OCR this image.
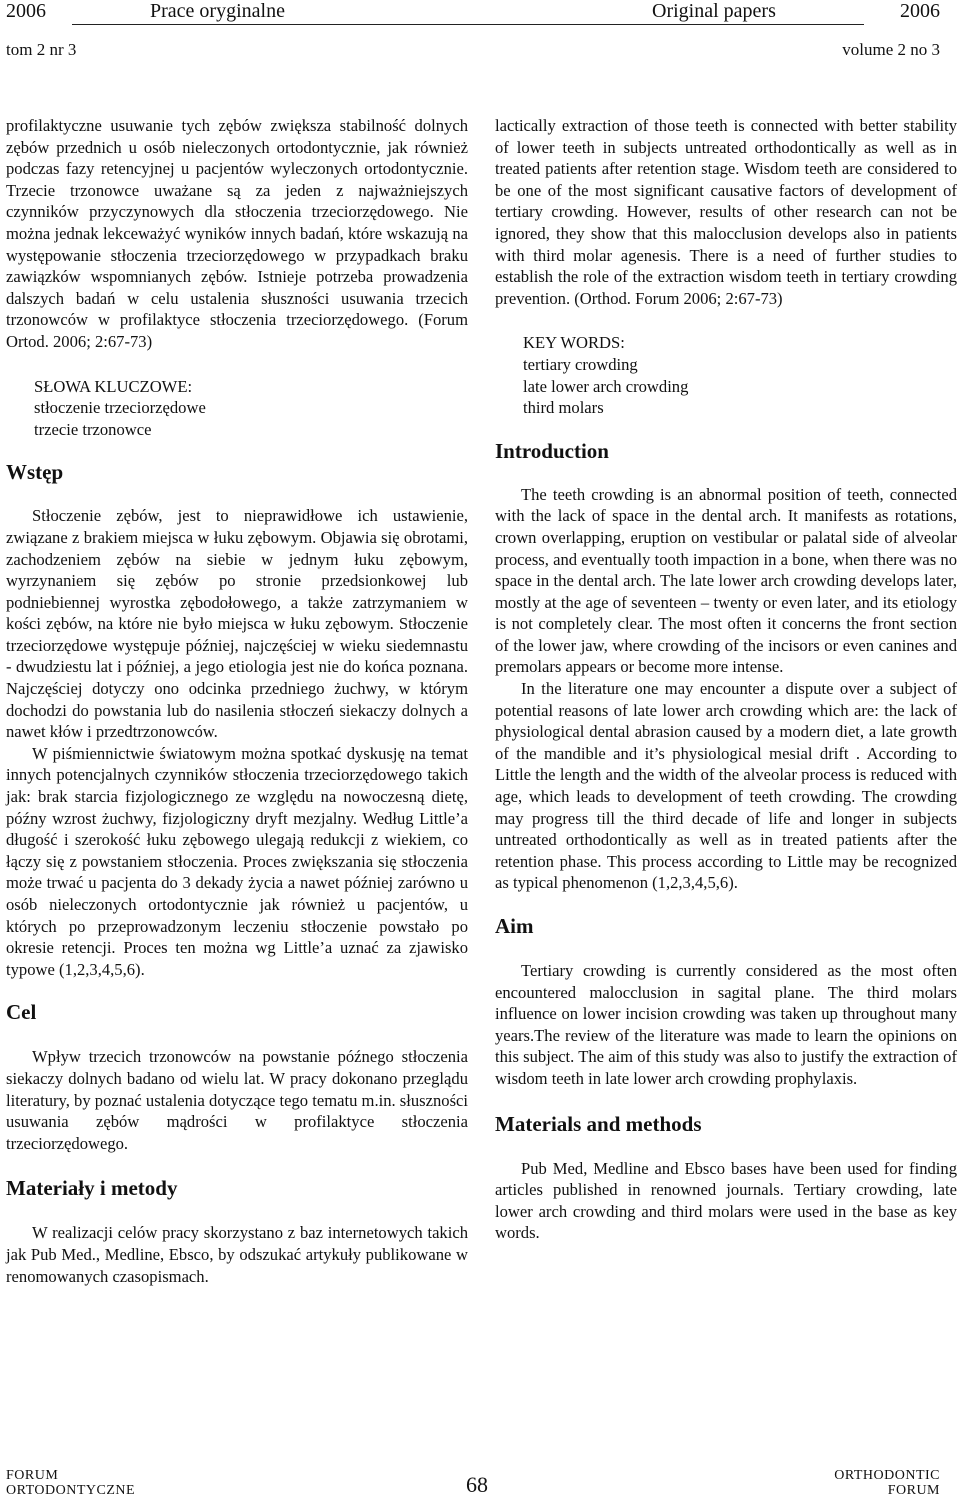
2006	Prace oryginalne	Original papers	2006
tom 2 nr 3	volume 2 no 3

profilaktyczne usuwanie tych zębów zwiększa stabilność dolnych zębów przednich u osób nieleczonych ortodontycznie, jak również podczas fazy retencyjnej u pacjentów wyleczonych ortodontycznie. Trzecie trzonowce uważane są za jeden z najważniejszych czynników przyczynowych dla stłoczenia trzeciorzędowego. Nie można jednak lekceważyć wyników innych badań, które wskazują na występowanie stłoczenia trzeciorzędowego w przypadkach braku zawiązków wspomnianych zębów. Istnieje potrzeba prowadzenia dalszych badań w celu ustalenia słuszności usuwania trzecich trzonowców w profilaktyce stłoczenia trzeciorzędowego. (Forum Ortod. 2006; 2:67-73)

SŁOWA KLUCZOWE:

stłoczenie trzeciorzędowe

trzecie trzonowce

Wstęp

Stłoczenie zębów, jest to nieprawidłowe ich ustawienie, związane z brakiem miejsca w łuku zębowym. Objawia się obrotami, zachodzeniem zębów na siebie w jednym łuku zębowym, wyrzynaniem się zębów po stronie przedsionkowej lub podniebiennej wyrostka zębodołowego, a także zatrzymaniem w kości zębów, na które nie było miejsca w łuku zębowym. Stłoczenie trzeciorzędowe występuje później, najczęściej w wieku siedemnastu - dwudziestu lat i później, a jego etiologia jest nie do końca poznana. Najczęściej dotyczy ono odcinka przedniego żuchwy, w którym dochodzi do powstania lub do nasilenia stłoczeń siekaczy dolnych a nawet kłów i przedtrzonowców.

W piśmiennictwie światowym można spotkać dyskusję na temat innych potencjalnych czynników stłoczenia trzeciorzędowego takich jak: brak starcia fizjologicznego ze względu na nowoczesną dietę, późny wzrost żuchwy, fizjologiczny dryft mezjalny. Według Little’a długość i szerokość łuku zębowego ulegają redukcji z wiekiem, co łączy się z powstaniem stłoczenia. Proces zwiększania się stłoczenia może trwać u pacjenta do 3 dekady życia a nawet później zarówno u osób nieleczonych ortodontycznie jak również u pacjentów, u których po przeprowadzonym leczeniu stłoczenie powstało po okresie retencji. Proces ten można wg Little’a uznać za zjawisko typowe (1,2,3,4,5,6).

Cel

Wpływ trzecich trzonowców na powstanie późnego stłoczenia siekaczy dolnych badano od wielu lat. W pracy dokonano przeglądu literatury, by poznać ustalenia dotyczące tego tematu m.in. słuszności usuwania zębów mądrości w profilaktyce stłoczenia trzeciorzędowego.

Materiały i metody

W realizacji celów pracy skorzystano z baz internetowych takich jak Pub Med., Medline, Ebsco, by odszukać artykuły publikowane w renomowanych czasopismach.

lactically extraction of those teeth is connected with better stability of lower teeth in subjects untreated orthodontically as well as in treated patients after retention stage. Wisdom teeth are considered to be one of the most significant causative factors of development of tertiary crowding. However, results of other research can not be ignored, they show that this malocclusion develops also in patients with third molar agenesis. There is a need of further studies to establish the role of the extraction wisdom teeth in tertiary crowding prevention. (Orthod. Forum 2006; 2:67-73)

KEY WORDS:

tertiary crowding

late lower arch crowding

third molars

Introduction

The teeth crowding is an abnormal position of teeth, connected with the lack of space in the dental arch. It manifests as rotations, crown overlapping, eruption on vestibular or palatal side of alveolar process, and eventually tooth impaction in a bone, when there was no space in the dental arch. The late lower arch crowding develops later, mostly at the age of seventeen – twenty or even later, and its etiology is not completely clear. The most often it concerns the front section of the lower jaw, where crowding of the incisors or even canines and premolars appears or become more intense.

In the literature one may encounter a dispute over a subject of potential reasons of late lower arch crowding which are: the lack of physiological dental abrasion caused by a modern diet, a late growth of the mandible and it’s physiological mesial drift . According to Little the length and the width of the alveolar process is reduced with age, which leads to development of teeth crowding. The crowding may progress till the third decade of life and longer in subjects untreated orthodontically as well as in treated patients after the retention phase. This process according to Little may be recognized as typical phenomenon (1,2,3,4,5,6).

Aim

Tertiary crowding is currently considered as the most often encountered malocclusion in sagital plane. The third molars influence on lower incision crowding was taken up throughout many years.The review of the literature was made to learn the opinions on this subject. The aim of this study was also to justify the extraction of wisdom teeth in late lower arch crowding prophylaxis.

Materials and methods

Pub Med, Medline and Ebsco bases have been used for finding articles published in renowned journals. Tertiary crowding, late lower arch crowding and third molars were used in the base as key words.

FORUM
ORTODONTYCZNE	68	ORTHODONTIC
FORUM
